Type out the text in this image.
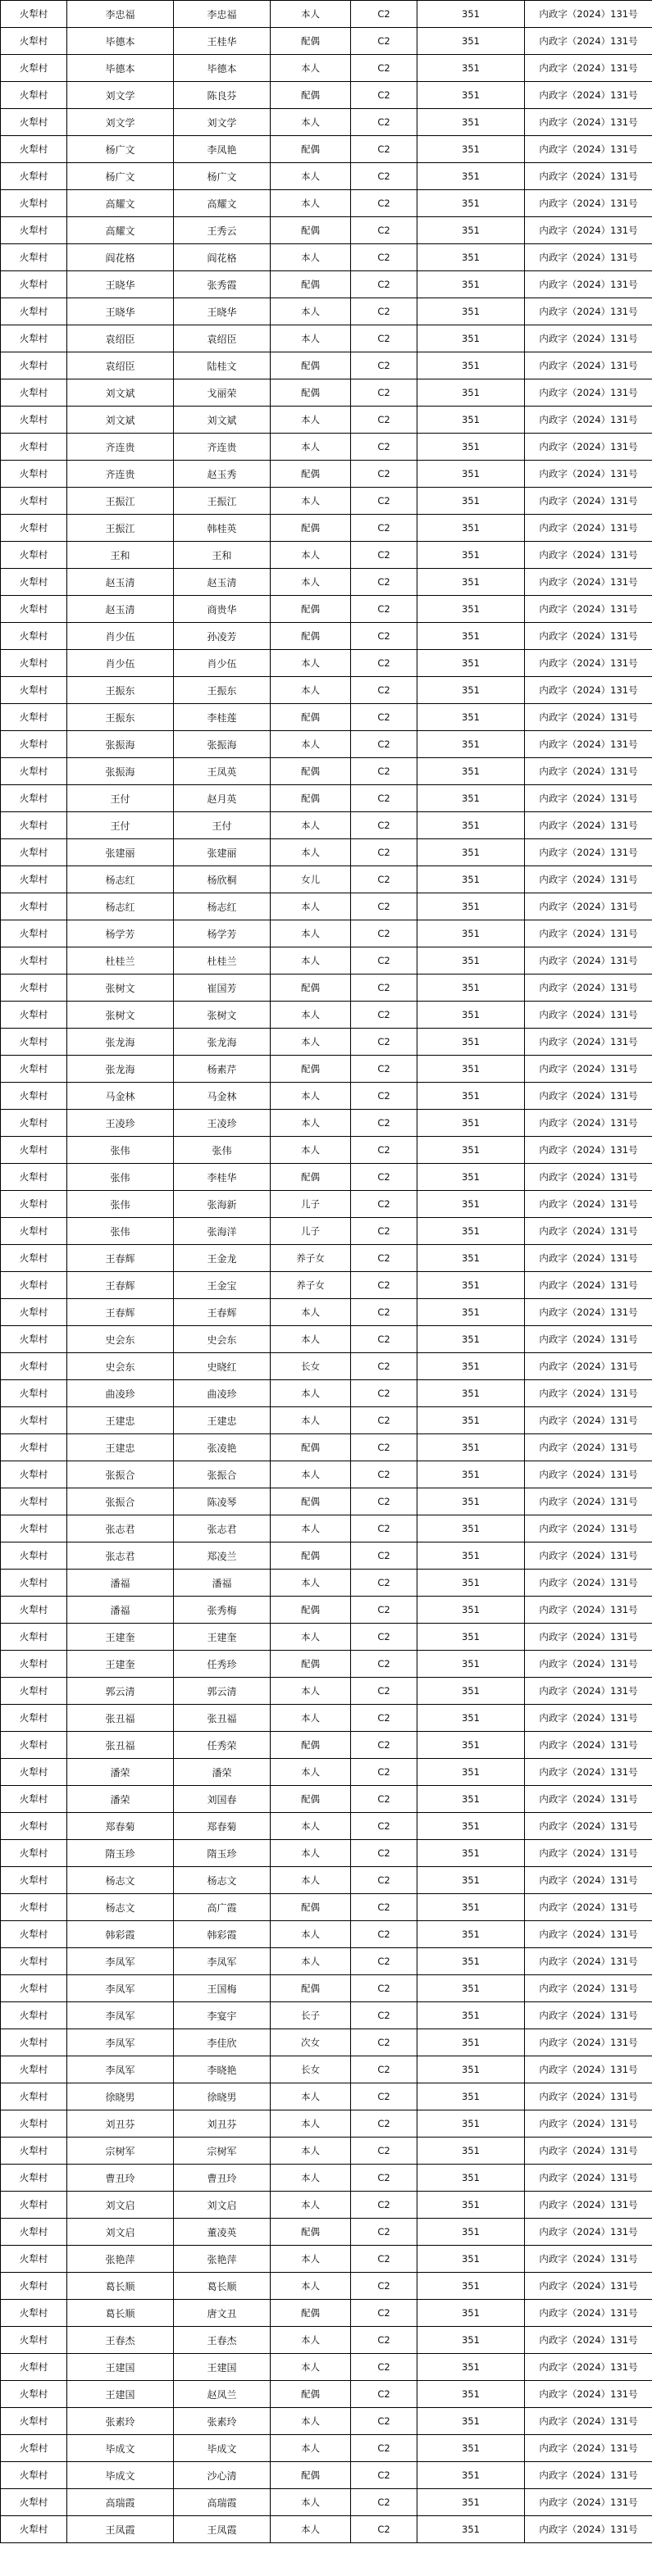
火犁村	李忠福	李忠福	本人	C2	351	内政字（2024）131号
火犁村	毕德本	王桂华	配偶	C2	351	内政字（2024）131号
火犁村	毕德本	毕德本	本人	C2	351	内政字（2024）131号
火犁村	刘文学	陈良芬	配偶	C2	351	内政字（2024）131号
火犁村	刘文学	刘文学	本人	C2	351	内政字（2024）131号
火犁村	杨广文	李凤艳	配偶	C2	351	内政字（2024）131号
火犁村	杨广文	杨广文	本人	C2	351	内政字（2024）131号
火犁村	高耀文	高耀文	本人	C2	351	内政字（2024）131号
火犁村	高耀文	王秀云	配偶	C2	351	内政字（2024）131号
火犁村	阎花格	阎花格	本人	C2	351	内政字（2024）131号
火犁村	王晓华	张秀霞	配偶	C2	351	内政字（2024）131号
火犁村	王晓华	王晓华	本人	C2	351	内政字（2024）131号
火犁村	袁绍臣	袁绍臣	本人	C2	351	内政字（2024）131号
火犁村	袁绍臣	陆桂文	配偶	C2	351	内政字（2024）131号
火犁村	刘文斌	戈丽荣	配偶	C2	351	内政字（2024）131号
火犁村	刘文斌	刘文斌	本人	C2	351	内政字（2024）131号
火犁村	齐连贵	齐连贵	本人	C2	351	内政字（2024）131号
火犁村	齐连贵	赵玉秀	配偶	C2	351	内政字（2024）131号
火犁村	王振江	王振江	本人	C2	351	内政字（2024）131号
火犁村	王振江	韩桂英	配偶	C2	351	内政字（2024）131号
火犁村	王和	王和	本人	C2	351	内政字（2024）131号
火犁村	赵玉清	赵玉清	本人	C2	351	内政字（2024）131号
火犁村	赵玉清	商贵华	配偶	C2	351	内政字（2024）131号
火犁村	肖少伍	孙凌芳	配偶	C2	351	内政字（2024）131号
火犁村	肖少伍	肖少伍	本人	C2	351	内政字（2024）131号
火犁村	王振东	王振东	本人	C2	351	内政字（2024）131号
火犁村	王振东	李桂莲	配偶	C2	351	内政字（2024）131号
火犁村	张振海	张振海	本人	C2	351	内政字（2024）131号
火犁村	张振海	王凤英	配偶	C2	351	内政字（2024）131号
火犁村	王付	赵月英	配偶	C2	351	内政字（2024）131号
火犁村	王付	王付	本人	C2	351	内政字（2024）131号
火犁村	张建丽	张建丽	本人	C2	351	内政字（2024）131号
火犁村	杨志红	杨欣桐	女儿	C2	351	内政字（2024）131号
火犁村	杨志红	杨志红	本人	C2	351	内政字（2024）131号
火犁村	杨学芳	杨学芳	本人	C2	351	内政字（2024）131号
火犁村	杜桂兰	杜桂兰	本人	C2	351	内政字（2024）131号
火犁村	张树文	崔国芳	配偶	C2	351	内政字（2024）131号
火犁村	张树文	张树文	本人	C2	351	内政字（2024）131号
火犁村	张龙海	张龙海	本人	C2	351	内政字（2024）131号
火犁村	张龙海	杨素芹	配偶	C2	351	内政字（2024）131号
火犁村	马金林	马金林	本人	C2	351	内政字（2024）131号
火犁村	王凌珍	王凌珍	本人	C2	351	内政字（2024）131号
火犁村	张伟	张伟	本人	C2	351	内政字（2024）131号
火犁村	张伟	李桂华	配偶	C2	351	内政字（2024）131号
火犁村	张伟	张海新	儿子	C2	351	内政字（2024）131号
火犁村	张伟	张海洋	儿子	C2	351	内政字（2024）131号
火犁村	王春辉	王金龙	养子女	C2	351	内政字（2024）131号
火犁村	王春辉	王金宝	养子女	C2	351	内政字（2024）131号
火犁村	王春辉	王春辉	本人	C2	351	内政字（2024）131号
火犁村	史会东	史会东	本人	C2	351	内政字（2024）131号
火犁村	史会东	史晓红	长女	C2	351	内政字（2024）131号
火犁村	曲凌珍	曲凌珍	本人	C2	351	内政字（2024）131号
火犁村	王建忠	王建忠	本人	C2	351	内政字（2024）131号
火犁村	王建忠	张凌艳	配偶	C2	351	内政字（2024）131号
火犁村	张振合	张振合	本人	C2	351	内政字（2024）131号
火犁村	张振合	陈凌琴	配偶	C2	351	内政字（2024）131号
火犁村	张志君	张志君	本人	C2	351	内政字（2024）131号
火犁村	张志君	郑凌兰	配偶	C2	351	内政字（2024）131号
火犁村	潘福	潘福	本人	C2	351	内政字（2024）131号
火犁村	潘福	张秀梅	配偶	C2	351	内政字（2024）131号
火犁村	王建奎	王建奎	本人	C2	351	内政字（2024）131号
火犁村	王建奎	任秀珍	配偶	C2	351	内政字（2024）131号
火犁村	郭云清	郭云清	本人	C2	351	内政字（2024）131号
火犁村	张丑福	张丑福	本人	C2	351	内政字（2024）131号
火犁村	张丑福	任秀荣	配偶	C2	351	内政字（2024）131号
火犁村	潘荣	潘荣	本人	C2	351	内政字（2024）131号
火犁村	潘荣	刘国春	配偶	C2	351	内政字（2024）131号
火犁村	郑春菊	郑春菊	本人	C2	351	内政字（2024）131号
火犁村	隋玉珍	隋玉珍	本人	C2	351	内政字（2024）131号
火犁村	杨志文	杨志文	本人	C2	351	内政字（2024）131号
火犁村	杨志文	高广霞	配偶	C2	351	内政字（2024）131号
火犁村	韩彩霞	韩彩霞	本人	C2	351	内政字（2024）131号
火犁村	李凤军	李凤军	本人	C2	351	内政字（2024）131号
火犁村	李凤军	王国梅	配偶	C2	351	内政字（2024）131号
火犁村	李凤军	李宴宇	长子	C2	351	内政字（2024）131号
火犁村	李凤军	李佳欣	次女	C2	351	内政字（2024）131号
火犁村	李凤军	李晓艳	长女	C2	351	内政字（2024）131号
火犁村	徐晓男	徐晓男	本人	C2	351	内政字（2024）131号
火犁村	刘丑芬	刘丑芬	本人	C2	351	内政字（2024）131号
火犁村	宗树军	宗树军	本人	C2	351	内政字（2024）131号
火犁村	曹丑玲	曹丑玲	本人	C2	351	内政字（2024）131号
火犁村	刘文启	刘文启	本人	C2	351	内政字（2024）131号
火犁村	刘文启	董凌英	配偶	C2	351	内政字（2024）131号
火犁村	张艳萍	张艳萍	本人	C2	351	内政字（2024）131号
火犁村	葛长顺	葛长顺	本人	C2	351	内政字（2024）131号
火犁村	葛长顺	唐文丑	配偶	C2	351	内政字（2024）131号
火犁村	王春杰	王春杰	本人	C2	351	内政字（2024）131号
火犁村	王建国	王建国	本人	C2	351	内政字（2024）131号
火犁村	王建国	赵凤兰	配偶	C2	351	内政字（2024）131号
火犁村	张素玲	张素玲	本人	C2	351	内政字（2024）131号
火犁村	毕成文	毕成文	本人	C2	351	内政字（2024）131号
火犁村	毕成文	沙心清	配偶	C2	351	内政字（2024）131号
火犁村	高瑞霞	高瑞霞	本人	C2	351	内政字（2024）131号
火犁村	王凤霞	王凤霞	本人	C2	351	内政字（2024）131号
